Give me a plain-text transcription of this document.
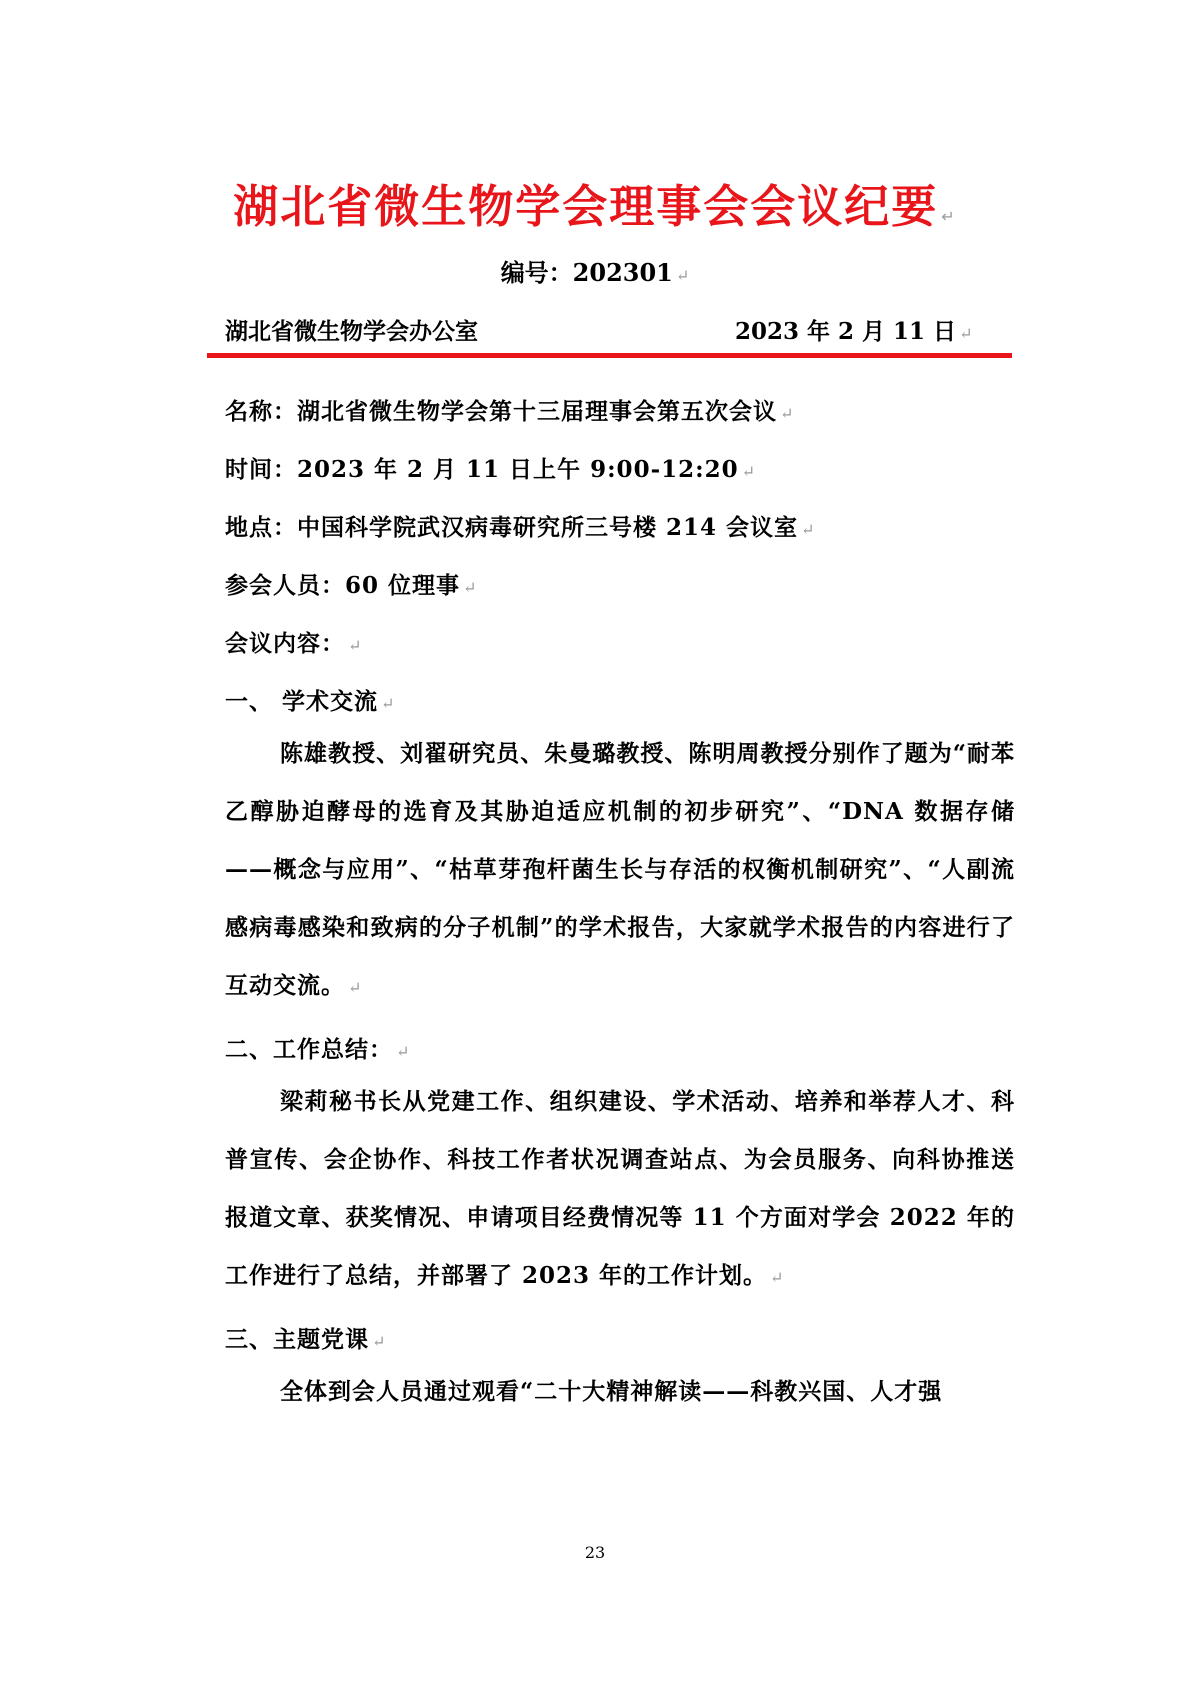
湖北省微生物学会理事会会议纪要 ↵
编号：202301 ↵
湖北省微生物学会办公室	2023 年 2 月 11 日 ↵
名称：湖北省微生物学会第十三届理事会第五次会议 ↵
时间：2023 年 2 月 11 日上午 9:00-12:20 ↵
地点：中国科学院武汉病毒研究所三号楼 214 会议室 ↵
参会人员：60 位理事 ↵
会议内容： ↵
一、 学术交流 ↵
陈雄教授、刘翟研究员、朱曼璐教授、陈明周教授分别作了题为“耐苯乙醇胁迫酵母的选育及其胁迫适应机制的初步研究”、“DNA 数据存储——概念与应用”、“枯草芽孢杆菌生长与存活的权衡机制研究”、“人副流感病毒感染和致病的分子机制”的学术报告，大家就学术报告的内容进行了互动交流。 ↵
二、工作总结： ↵
梁莉秘书长从党建工作、组织建设、学术活动、培养和举荐人才、科普宣传、会企协作、科技工作者状况调查站点、为会员服务、向科协推送报道文章、获奖情况、申请项目经费情况等 11 个方面对学会 2022 年的工作进行了总结，并部署了 2023 年的工作计划。 ↵
三、主题党课 ↵
全体到会人员通过观看“二十大精神解读——科教兴国、人才强
23
